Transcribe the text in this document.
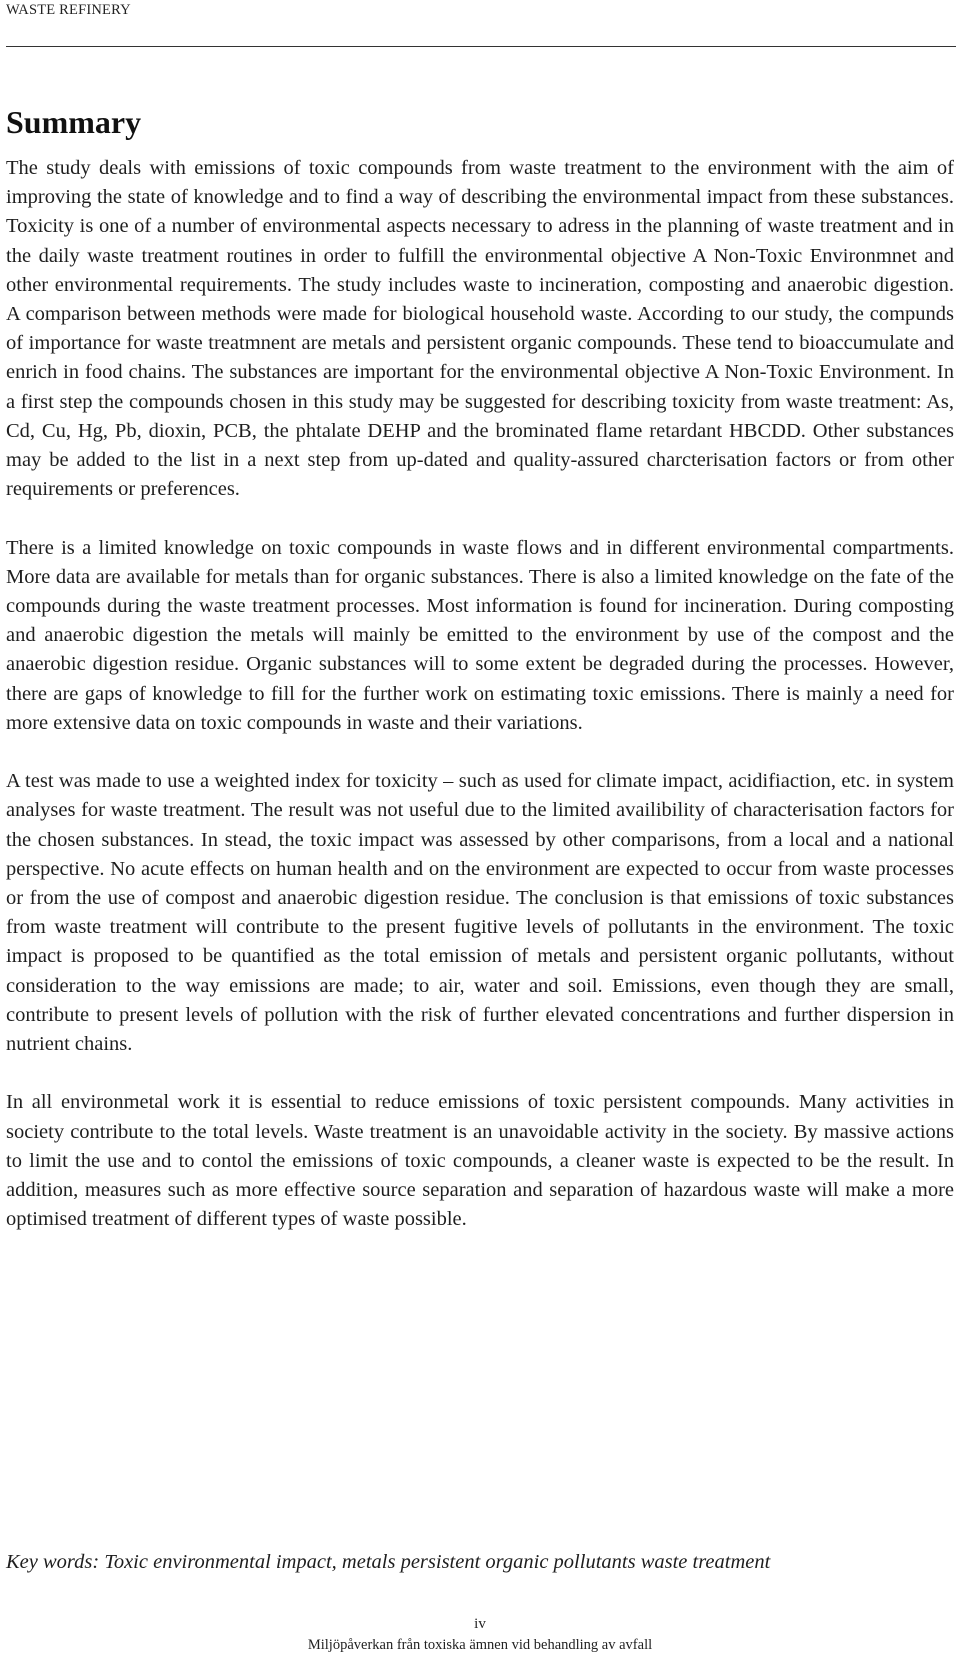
WASTE REFINERY
Summary

The study deals with emissions of toxic compounds from waste treatment to the environment with the aim of improving the state of knowledge and to find a way of describing the environmental impact from these substances. Toxicity is one of a number of environmental aspects necessary to adress in the planning of waste treatment and in the daily waste treatment routines in order to fulfill the environmental objective A Non-Toxic Environmnet and other environmental requirements. The study includes waste to incineration, composting and anaerobic digestion. A comparison between methods were made for biological household waste. According to our study, the compunds of importance for waste treatmnent are metals and persistent organic compounds. These tend to bioaccumulate and enrich in food chains. The substances are important for the environmental objective A Non-Toxic Environment. In a first step the compounds chosen in this study may be suggested for describing toxicity from waste treatment: As, Cd, Cu, Hg, Pb, dioxin, PCB, the phtalate DEHP and the brominated flame retardant HBCDD. Other substances may be added to the list in a next step from up-dated and quality-assured charcterisation factors or from other requirements or preferences.

There is a limited knowledge on toxic compounds in waste flows and in different environmental compartments. More data are available for metals than for organic substances. There is also a limited knowledge on the fate of the compounds during the waste treatment processes. Most information is found for incineration. During composting and anaerobic digestion the metals will mainly be emitted to the environment by use of the compost and the anaerobic digestion residue. Organic substances will to some extent be degraded during the processes. However, there are gaps of knowledge to fill for the further work on estimating toxic emissions. There is mainly a need for more extensive data on toxic compounds in waste and their variations.

A test was made to use a weighted index for toxicity – such as used for climate impact, acidifiaction, etc. in system analyses for waste treatment. The result was not useful due to the limited availibility of characterisation factors for the chosen substances. In stead, the toxic impact was assessed by other comparisons, from a local and a national perspective. No acute effects on human health and on the environment are expected to occur from waste processes or from the use of compost and anaerobic digestion residue. The conclusion is that emissions of toxic substances from waste treatment will contribute to the present fugitive levels of pollutants in the environment. The toxic impact is proposed to be quantified as the total emission of metals and persistent organic pollutants, without consideration to the way emissions are made; to air, water and soil. Emissions, even though they are small, contribute to present levels of pollution with the risk of further elevated concentrations and further dispersion in nutrient chains.

In all environmetal work it is essential to reduce emissions of toxic persistent compounds. Many activities in society contribute to the total levels. Waste treatment is an unavoidable activity in the society. By massive actions to limit the use and to contol the emissions of toxic compounds, a cleaner waste is expected to be the result. In addition, measures such as more effective source separation and separation of hazardous waste will make a more optimised treatment of different types of waste possible.

Key words: Toxic environmental impact, metals persistent organic pollutants waste treatment

iv
Miljöpåverkan från toxiska ämnen vid behandling av avfall
